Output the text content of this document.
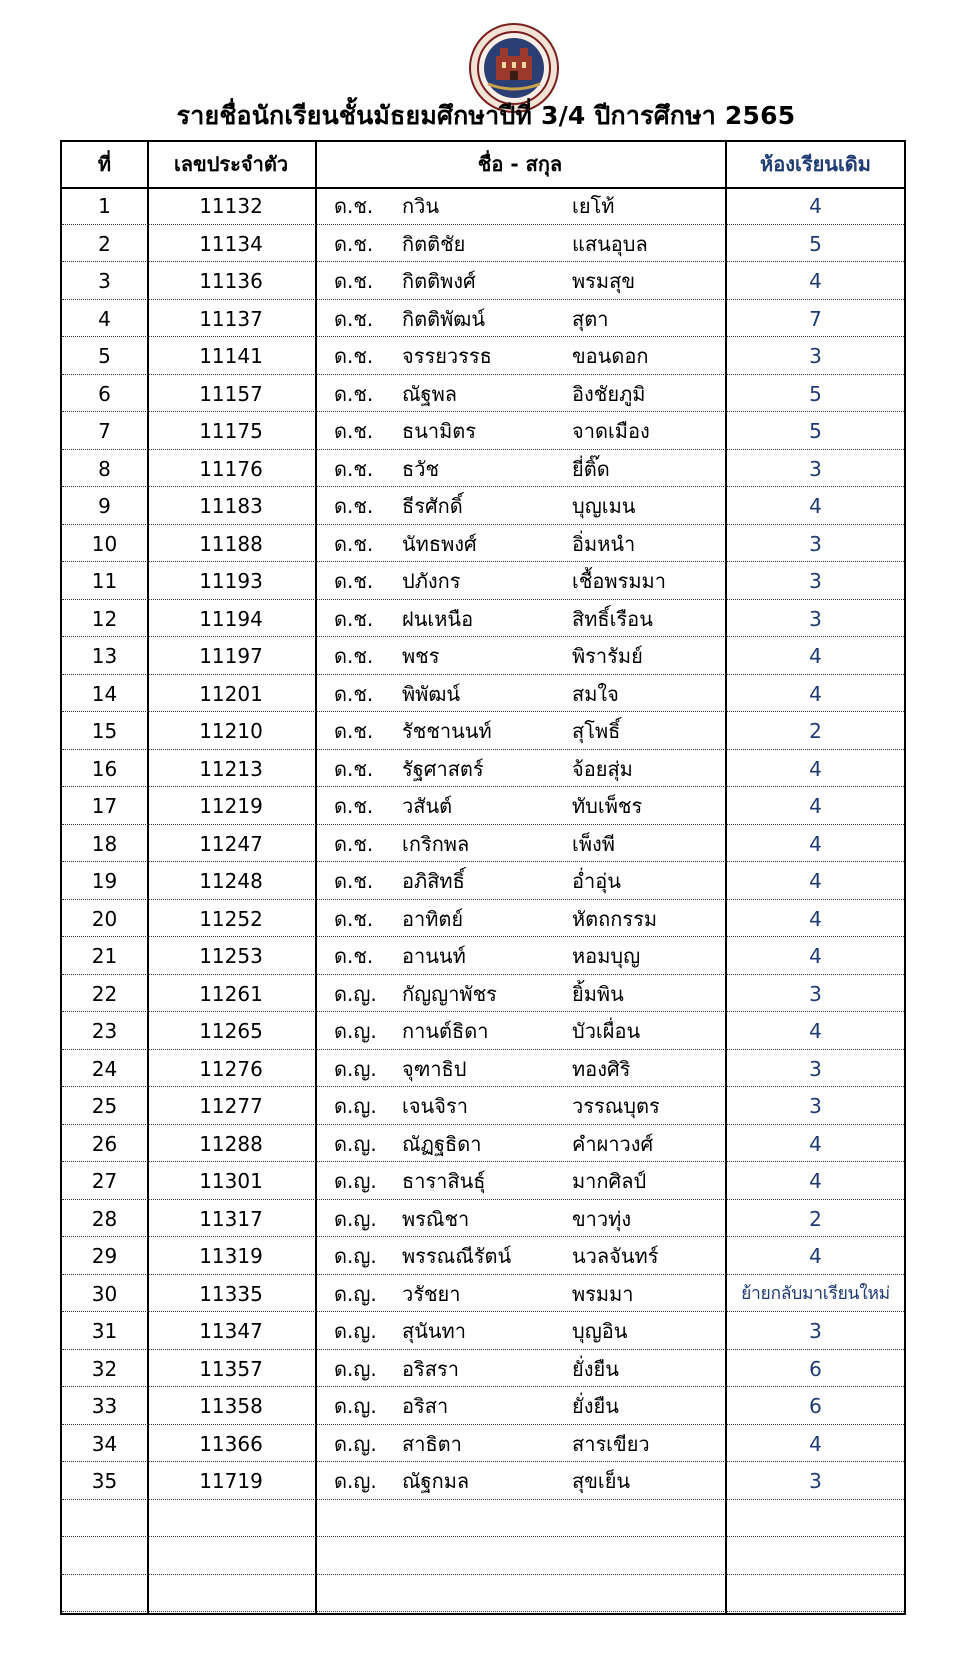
รายชื่อนักเรียนชั้นมัธยมศึกษาปีที่ 3/4 ปีการศึกษา 2565
ที่	เลขประจำตัว	ชื่อ - สกุล	ห้องเรียนเดิม
1	11132	ด.ช. กวิน	เยโท้	4
2	11134	ด.ช. กิตติชัย	แสนอุบล	5
3	11136	ด.ช. กิตติพงศ์	พรมสุข	4
4	11137	ด.ช. กิตติพัฒน์	สุตา	7
5	11141	ด.ช. จรรยวรรธ	ขอนดอก	3
6	11157	ด.ช. ณัฐพล	อิงชัยภูมิ	5
7	11175	ด.ช. ธนามิตร	จาดเมือง	5
8	11176	ด.ช. ธวัช	ยี่ติ๊ด	3
9	11183	ด.ช. ธีรศักดิ์	บุญเมน	4
10	11188	ด.ช. นัทธพงศ์	อิ่มหนำ	3
11	11193	ด.ช. ปภังกร	เชื้อพรมมา	3
12	11194	ด.ช. ฝนเหนือ	สิทธิ์เรือน	3
13	11197	ด.ช. พชร	พิรารัมย์	4
14	11201	ด.ช. พิพัฒน์	สมใจ	4
15	11210	ด.ช. รัชชานนท์	สุโพธิ์	2
16	11213	ด.ช. รัฐศาสตร์	จ้อยสุ่ม	4
17	11219	ด.ช. วสันต์	ทับเพ็ชร	4
18	11247	ด.ช. เกริกพล	เพ็งพี	4
19	11248	ด.ช. อภิสิทธิ์	อ่ำอุ่น	4
20	11252	ด.ช. อาทิตย์	หัตถกรรม	4
21	11253	ด.ช. อานนท์	หอมบุญ	4
22	11261	ด.ญ. กัญญาพัชร	ยิ้มพิน	3
23	11265	ด.ญ. กานต์ธิดา	บัวเผื่อน	4
24	11276	ด.ญ. จุฑาธิป	ทองศิริ	3
25	11277	ด.ญ. เจนจิรา	วรรณบุตร	3
26	11288	ด.ญ. ณัฏฐธิดา	คำผาวงศ์	4
27	11301	ด.ญ. ธาราสินธุ์	มากศิลป์	4
28	11317	ด.ญ. พรณิชา	ขาวทุ่ง	2
29	11319	ด.ญ. พรรณณีรัตน์	นวลจันทร์	4
30	11335	ด.ญ. วรัชยา	พรมมา	ย้ายกลับมาเรียนใหม่
31	11347	ด.ญ. สุนันทา	บุญอิน	3
32	11357	ด.ญ. อริสรา	ยั่งยืน	6
33	11358	ด.ญ. อริสา	ยั่งยืน	6
34	11366	ด.ญ. สาธิตา	สารเขียว	4
35	11719	ด.ญ. ณัฐกมล	สุขเย็น	3
